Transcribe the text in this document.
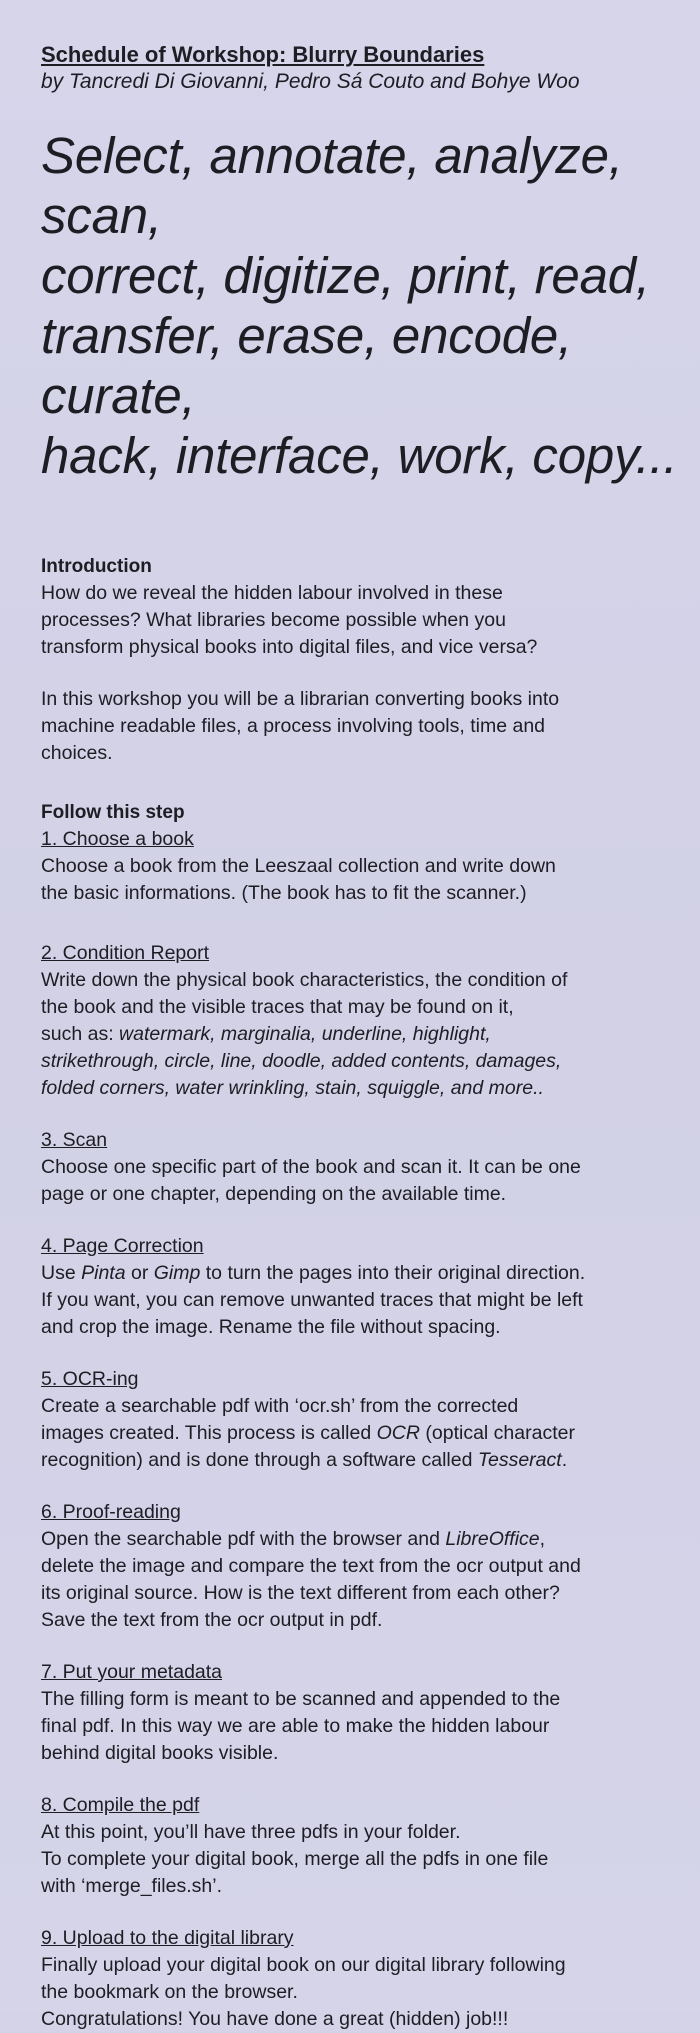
Schedule of Workshop: Blurry Boundaries

by Tancredi Di Giovanni, Pedro Sá Couto and Bohye Woo

Select, annotate, analyze, scan,
correct, digitize, print, read,
transfer, erase, encode, curate,
hack, interface, work, copy...

Introduction

How do we reveal the hidden labour involved in these
processes? What libraries become possible when you
transform physical books into digital files, and vice versa?
In this workshop you will be a librarian converting books into
machine readable files, a process involving tools, time and
choices.

Follow this step

1. Choose a book

Choose a book from the Leeszaal collection and write down
the basic informations. (The book has to fit the scanner.)

2. Condition Report

Write down the physical book characteristics, the condition of
the book and the visible traces that may be found on it,
such as: watermark, marginalia, underline, highlight,
strikethrough, circle, line, doodle, added contents, damages,
folded corners, water wrinkling, stain, squiggle, and more..

3. Scan

Choose one specific part of the book and scan it. It can be one
page or one chapter, depending on the available time.

4. Page Correction

Use Pinta or Gimp to turn the pages into their original direction.
If you want, you can remove unwanted traces that might be left
and crop the image. Rename the file without spacing.

5. OCR-ing

Create a searchable pdf with ‘ocr.sh’ from the corrected
images created. This process is called OCR (optical character
recognition) and is done through a software called Tesseract.

6. Proof-reading

Open the searchable pdf with the browser and LibreOffice,
delete the image and compare the text from the ocr output and
its original source. How is the text different from each other?
Save the text from the ocr output in pdf.

7. Put your metadata

The filling form is meant to be scanned and appended to the
final pdf. In this way we are able to make the hidden labour
behind digital books visible.

8. Compile the pdf

At this point, you’ll have three pdfs in your folder.
To complete your digital book, merge all the pdfs in one file
with ‘merge_files.sh’.

9. Upload to the digital library

Finally upload your digital book on our digital library following
the bookmark on the browser.
Congratulations! You have done a great (hidden) job!!!
